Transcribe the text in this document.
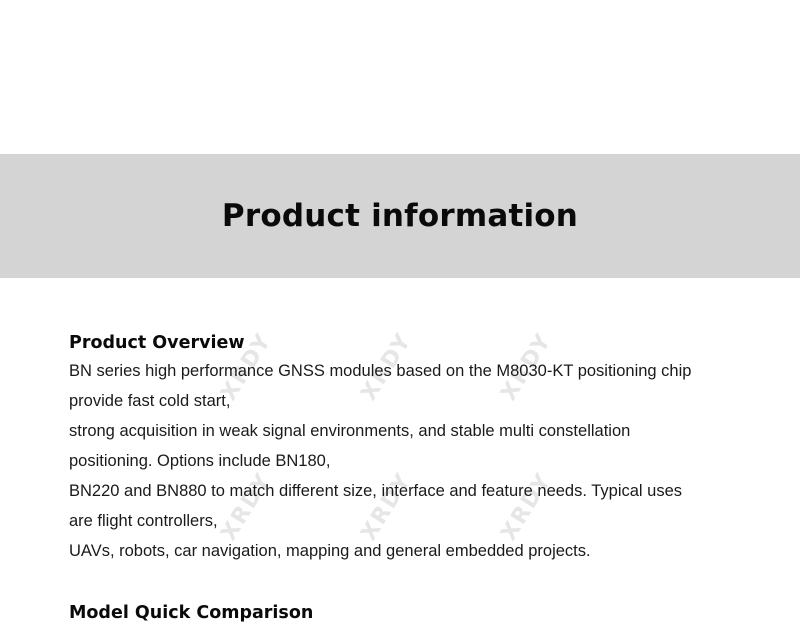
XRDY	XRDY	XRDY
XRDY	XRDY	XRDY
Product information
Product Overview

BN series high performance GNSS modules based on the M8030-KT positioning chip
provide fast cold start,
strong acquisition in weak signal environments, and stable multi constellation
positioning. Options include BN180,
BN220 and BN880 to match different size, interface and feature needs. Typical uses
are flight controllers,
UAVs, robots, car navigation, mapping and general embedded projects.

Model Quick Comparison
